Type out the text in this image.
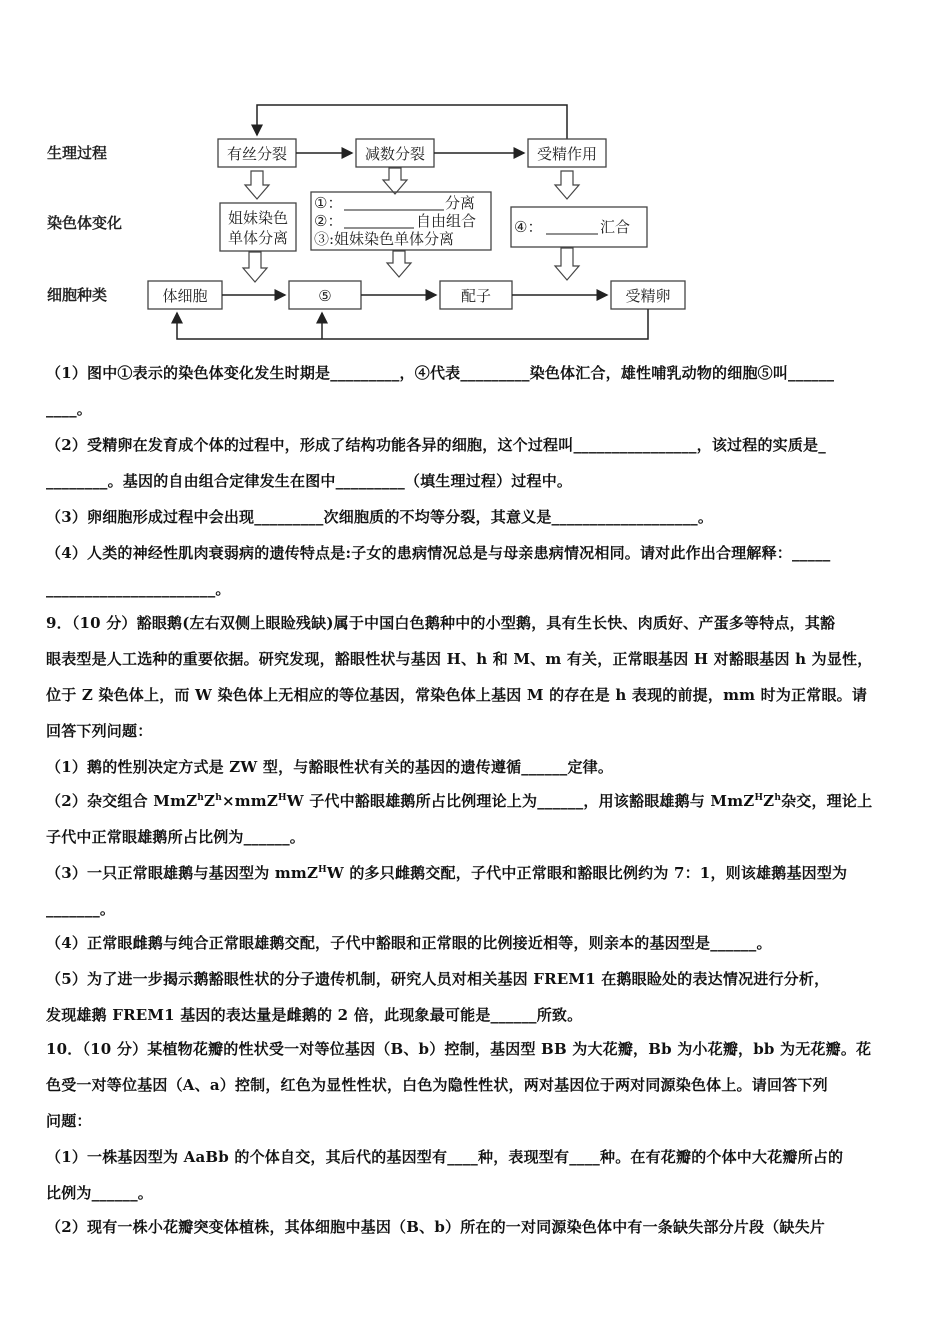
生理过程
染色体变化
细胞种类
有丝分裂	减数分裂	受精作用
姐妹染色
单体分离
①：	分离
②：	自由组合
③:姐妹染色单体分离
④：	汇合
体细胞	⑤	配子	受精卵
（1）图中①表示的染色体变化发生时期是_________，④代表_________染色体汇合，雄性哺乳动物的细胞⑤叫______
____。
（2）受精卵在发育成个体的过程中，形成了结构功能各异的细胞，这个过程叫________________，该过程的实质是_
________。基因的自由组合定律发生在图中_________（填生理过程）过程中。
（3）卵细胞形成过程中会出现_________次细胞质的不均等分裂，其意义是___________________。
（4）人类的神经性肌肉衰弱病的遗传特点是:子女的患病情况总是与母亲患病情况相同。请对此作出合理解释：_____
______________________。
9．（10 分）豁眼鹅(左右双侧上眼睑残缺)属于中国白色鹅种中的小型鹅，具有生长快、肉质好、产蛋多等特点，其豁
眼表型是人工选种的重要依据。研究发现，豁眼性状与基因 H、h 和 M、m 有关，正常眼基因 H 对豁眼基因 h 为显性，
位于 Z 染色体上，而 W 染色体上无相应的等位基因，常染色体上基因 M 的存在是 h 表现的前提，mm 时为正常眼。请
回答下列问题：
（1）鹅的性别决定方式是 ZW 型，与豁眼性状有关的基因的遗传遵循______定律。
（2）杂交组合 $MmZ^hZ^h\times mmZ^HW$ 子代中豁眼雄鹅所占比例理论上为______，用该豁眼雄鹅与 $MmZ^HZ^h$杂交，理论上
子代中正常眼雄鹅所占比例为______。
（3）一只正常眼雄鹅与基因型为 mmZ$^H$W 的多只雌鹅交配，子代中正常眼和豁眼比例约为 7：1，则该雄鹅基因型为
_______。
（4）正常眼雌鹅与纯合正常眼雄鹅交配，子代中豁眼和正常眼的比例接近相等，则亲本的基因型是______。
（5）为了进一步揭示鹅豁眼性状的分子遗传机制，研究人员对相关基因 FREM1 在鹅眼睑处的表达情况进行分析，
发现雄鹅 FREM1 基因的表达量是雌鹅的 2 倍，此现象最可能是______所致。
10．（10 分）某植物花瓣的性状受一对等位基因（B、b）控制，基因型 BB 为大花瓣，Bb 为小花瓣，bb 为无花瓣。花
色受一对等位基因（A、a）控制，红色为显性性状，白色为隐性性状，两对基因位于两对同源染色体上。请回答下列
问题：
（1）一株基因型为 AaBb 的个体自交，其后代的基因型有____种，表现型有____种。在有花瓣的个体中大花瓣所占的
比例为______。
（2）现有一株小花瓣突变体植株，其体细胞中基因（B、b）所在的一对同源染色体中有一条缺失部分片段（缺失片
